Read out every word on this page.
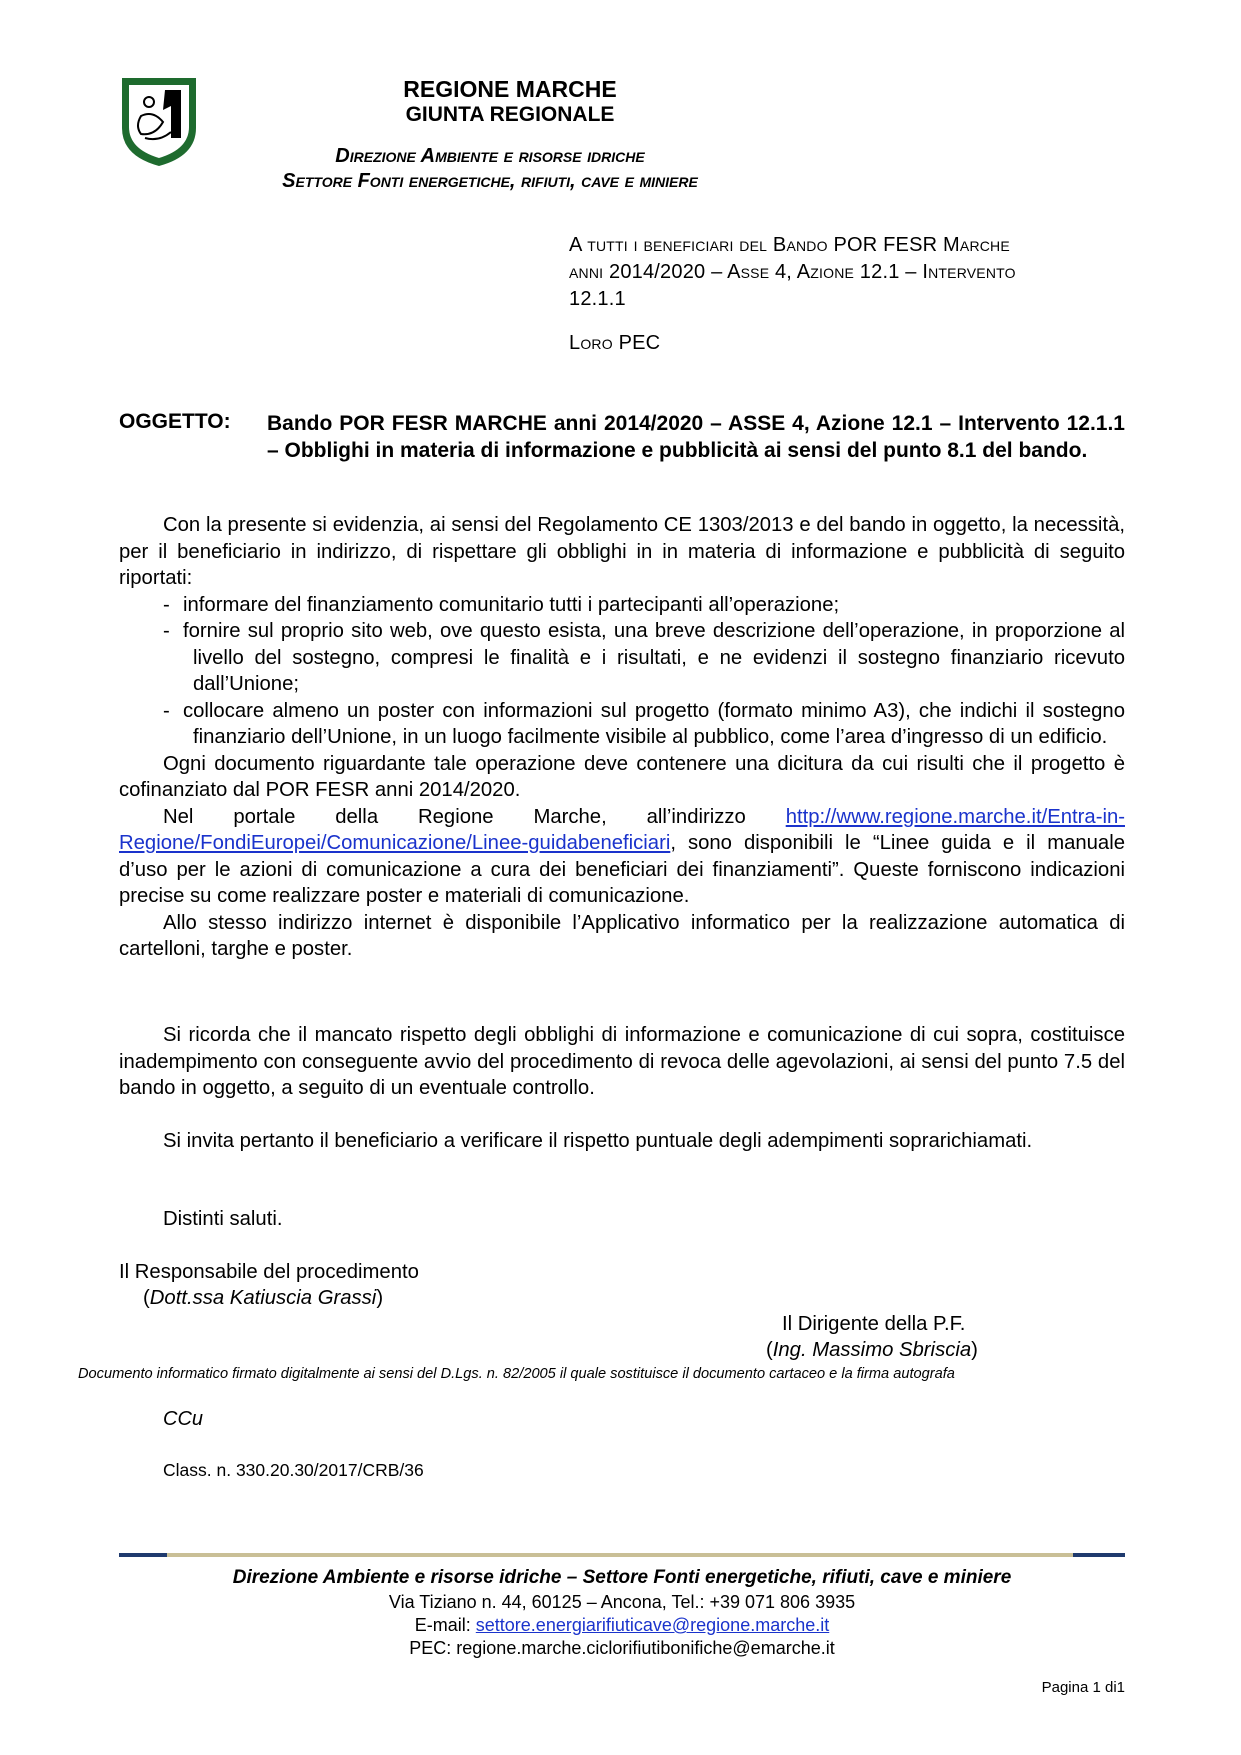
REGIONE MARCHE
GIUNTA REGIONALE
Direzione Ambiente e risorse idriche
Settore Fonti energetiche, rifiuti, cave e miniere
A tutti i beneficiari del Bando POR FESR Marche
anni 2014/2020 – Asse 4, Azione 12.1 – Intervento
12.1.1
Loro PEC
OGGETTO: Bando POR FESR MARCHE anni 2014/2020 – ASSE 4, Azione 12.1 – Intervento 12.1.1 – Obblighi in materia di informazione e pubblicità ai sensi del punto 8.1 del bando.

Con la presente si evidenzia, ai sensi del Regolamento CE 1303/2013 e del bando in oggetto, la necessità, per il beneficiario in indirizzo, di rispettare gli obblighi in in materia di informazione e pubblicità di seguito riportati:

- informare del finanziamento comunitario tutti i partecipanti all’operazione;

- fornire sul proprio sito web, ove questo esista, una breve descrizione dell’operazione, in proporzione al livello del sostegno, compresi le finalità e i risultati, e ne evidenzi il sostegno finanziario ricevuto dall’Unione;

- collocare almeno un poster con informazioni sul progetto (formato minimo A3), che indichi il sostegno finanziario dell’Unione, in un luogo facilmente visibile al pubblico, come l’area d’ingresso di un edificio.

Ogni documento riguardante tale operazione deve contenere una dicitura da cui risulti che il progetto è cofinanziato dal POR FESR anni 2014/2020.

Nel portale della Regione Marche, all’indirizzo http://www.regione.marche.it/Entra-in-Regione/FondiEuropei/Comunicazione/Linee-guidabeneficiari, sono disponibili le “Linee guida e il manuale d’uso per le azioni di comunicazione a cura dei beneficiari dei finanziamenti”. Queste forniscono indicazioni precise su come realizzare poster e materiali di comunicazione.

Allo stesso indirizzo internet è disponibile l’Applicativo informatico per la realizzazione automatica di cartelloni, targhe e poster.

Si ricorda che il mancato rispetto degli obblighi di informazione e comunicazione di cui sopra, costituisce inadempimento con conseguente avvio del procedimento di revoca delle agevolazioni, ai sensi del punto 7.5 del bando in oggetto, a seguito di un eventuale controllo.

Si invita pertanto il beneficiario a verificare il rispetto puntuale degli adempimenti soprarichiamati.

Distinti saluti.

Il Responsabile del procedimento
(Dott.ssa Katiuscia Grassi)
Il Dirigente della P.F.
(Ing. Massimo Sbriscia)
Documento informatico firmato digitalmente ai sensi del D.Lgs. n. 82/2005 il quale sostituisce il documento cartaceo e la firma autografa
CCu
Class. n. 330.20.30/2017/CRB/36
Direzione Ambiente e risorse idriche – Settore Fonti energetiche, rifiuti, cave e miniere
Via Tiziano n. 44, 60125 – Ancona, Tel.: +39 071 806 3935
E-mail: settore.energiarifiuticave@regione.marche.it
PEC: regione.marche.ciclorifiutibonifiche@emarche.it
Pagina 1 di1
